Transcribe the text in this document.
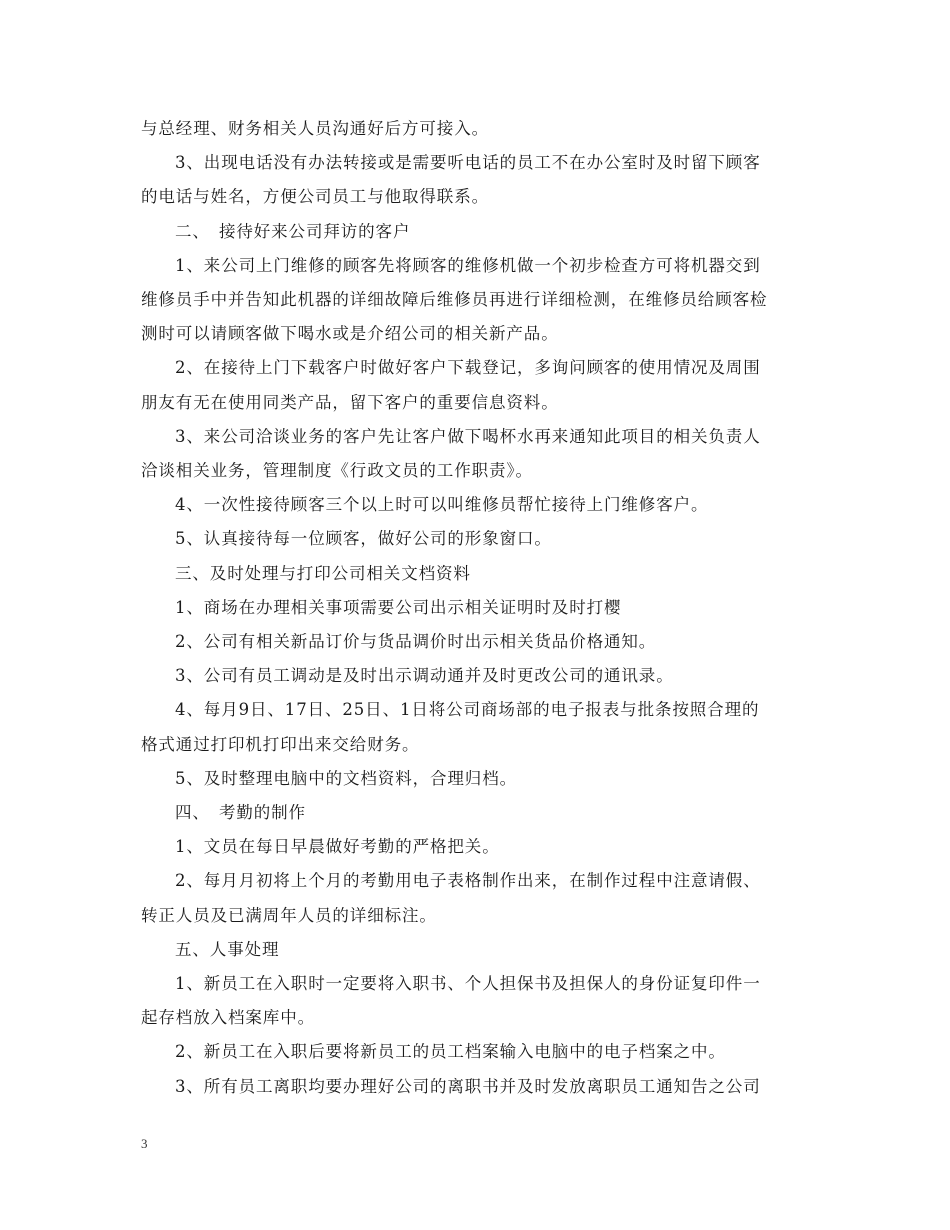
与总经理、财务相关人员沟通好后方可接入。

3、出现电话没有办法转接或是需要听电话的员工不在办公室时及时留下顾客

的电话与姓名，方便公司员工与他取得联系。

二、　接待好来公司拜访的客户

1、来公司上门维修的顾客先将顾客的维修机做一个初步检查方可将机器交到

维修员手中并告知此机器的详细故障后维修员再进行详细检测，在维修员给顾客检

测时可以请顾客做下喝水或是介绍公司的相关新产品。

2、在接待上门下载客户时做好客户下载登记，多询问顾客的使用情况及周围

朋友有无在使用同类产品，留下客户的重要信息资料。

3、来公司洽谈业务的客户先让客户做下喝杯水再来通知此项目的相关负责人

洽谈相关业务，管理制度《行政文员的工作职责》。

4、一次性接待顾客三个以上时可以叫维修员帮忙接待上门维修客户。

5、认真接待每一位顾客，做好公司的形象窗口。

三、及时处理与打印公司相关文档资料

1、商场在办理相关事项需要公司出示相关证明时及时打樱

2、公司有相关新品订价与货品调价时出示相关货品价格通知。

3、公司有员工调动是及时出示调动通并及时更改公司的通讯录。

4、每月9日、17日、25日、1日将公司商场部的电子报表与批条按照合理的

格式通过打印机打印出来交给财务。

5、及时整理电脑中的文档资料，合理归档。

四、　考勤的制作

1、文员在每日早晨做好考勤的严格把关。

2、每月月初将上个月的考勤用电子表格制作出来，在制作过程中注意请假、

转正人员及已满周年人员的详细标注。

五、人事处理

1、新员工在入职时一定要将入职书、个人担保书及担保人的身份证复印件一

起存档放入档案库中。

2、新员工在入职后要将新员工的员工档案输入电脑中的电子档案之中。

3、所有员工离职均要办理好公司的离职书并及时发放离职员工通知告之公司

3
